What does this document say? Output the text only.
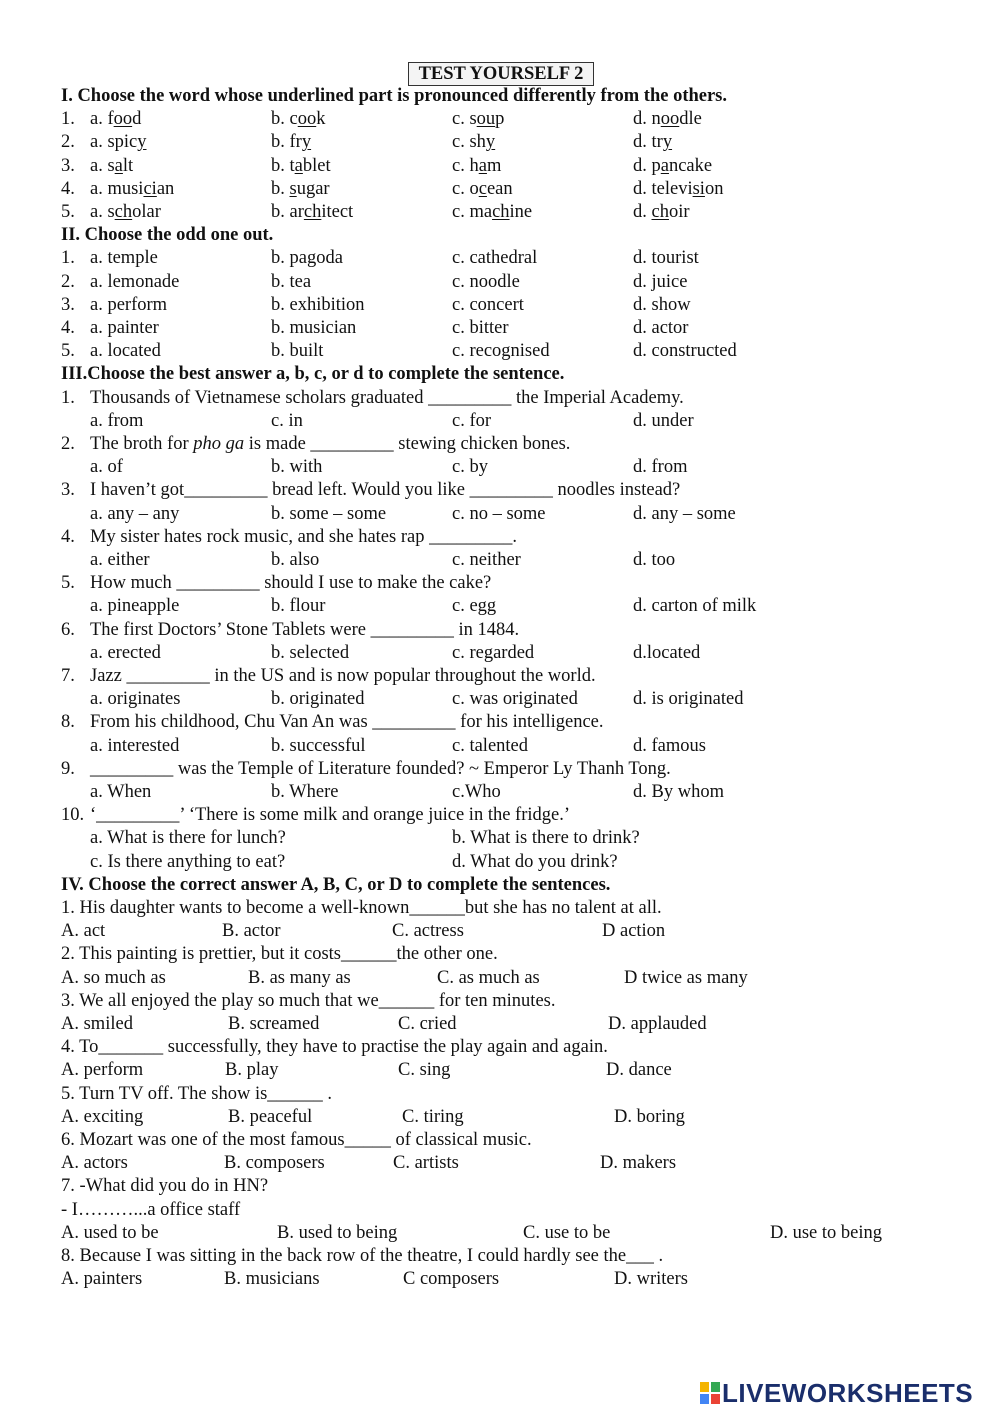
TEST YOURSELF 2
I. Choose the word whose underlined part is pronounced differently from the others.
1. a. food	b. cook	c. soup	d. noodle
2. a. spicy	b. fry	c. shy	d. try
3. a. salt	b. tablet	c. ham	d. pancake
4. a. musician	b. sugar	c. ocean	d. television
5. a. scholar	b. architect	c. machine	d. choir
II. Choose the odd one out.
1. a. temple	b. pagoda	c. cathedral	d. tourist
2. a. lemonade	b. tea	c. noodle	d. juice
3. a. perform	b. exhibition	c. concert	d. show
4. a. painter	b. musician	c. bitter	d. actor
5. a. located	b. built	c. recognised	d. constructed
III.Choose the best answer a, b, c, or d to complete the sentence.
1. Thousands of Vietnamese scholars graduated _________ the Imperial Academy.
a. from	c. in	c. for	d. under
2. The broth for pho ga is made _________ stewing chicken bones.
a. of	b. with	c. by	d. from
3. I haven’t got_________ bread left. Would you like _________ noodles instead?
a. any – any	b. some – some	c. no – some	d. any – some
4. My sister hates rock music, and she hates rap _________.
a. either	b. also	c. neither	d. too
5. How much _________ should I use to make the cake?
a. pineapple	b. flour	c. egg	d. carton of milk
6. The first Doctors’ Stone Tablets were _________ in 1484.
a. erected	b. selected	c. regarded	d.located
7. Jazz _________ in the US and is now popular throughout the world.
a. originates	b. originated	c. was originated	d. is originated
8. From his childhood, Chu Van An was _________ for his intelligence.
a. interested	b. successful	c. talented	d. famous
9. _________ was the Temple of Literature founded? ~ Emperor Ly Thanh Tong.
a. When	b. Where	c.Who	d. By whom
10. ‘_________’ ‘There is some milk and orange juice in the fridge.’
a. What is there for lunch?	b. What is there to drink?
c. Is there anything to eat?	d. What do you drink?
IV. Choose the correct answer A, B, C, or D to complete the sentences.
1. His daughter wants to become a well-known______but she has no talent at all.
A. act	B. actor	C. actress	D action
2. This painting is prettier, but it costs______the other one.
A. so much as	B. as many as	C. as much as	D twice as many
3. We all enjoyed the play so much that we______ for ten minutes.
A. smiled	B. screamed	C. cried	D. applauded
4. To_______ successfully, they have to practise the play again and again.
A. perform	B. play	C. sing	D. dance
5. Turn TV off. The show is______ .
A. exciting	B. peaceful	C. tiring	D. boring
6. Mozart was one of the most famous_____ of classical music.
A. actors	B. composers	C. artists	D. makers
7. -What did you do in HN?
- I………...a office staff
A. used to be	B. used to being	C. use to be	D. use to being
8. Because I was sitting in the back row of the theatre, I could hardly see the___ .
A. painters	B. musicians	C composers	D. writers
LIVEWORKSHEETS
